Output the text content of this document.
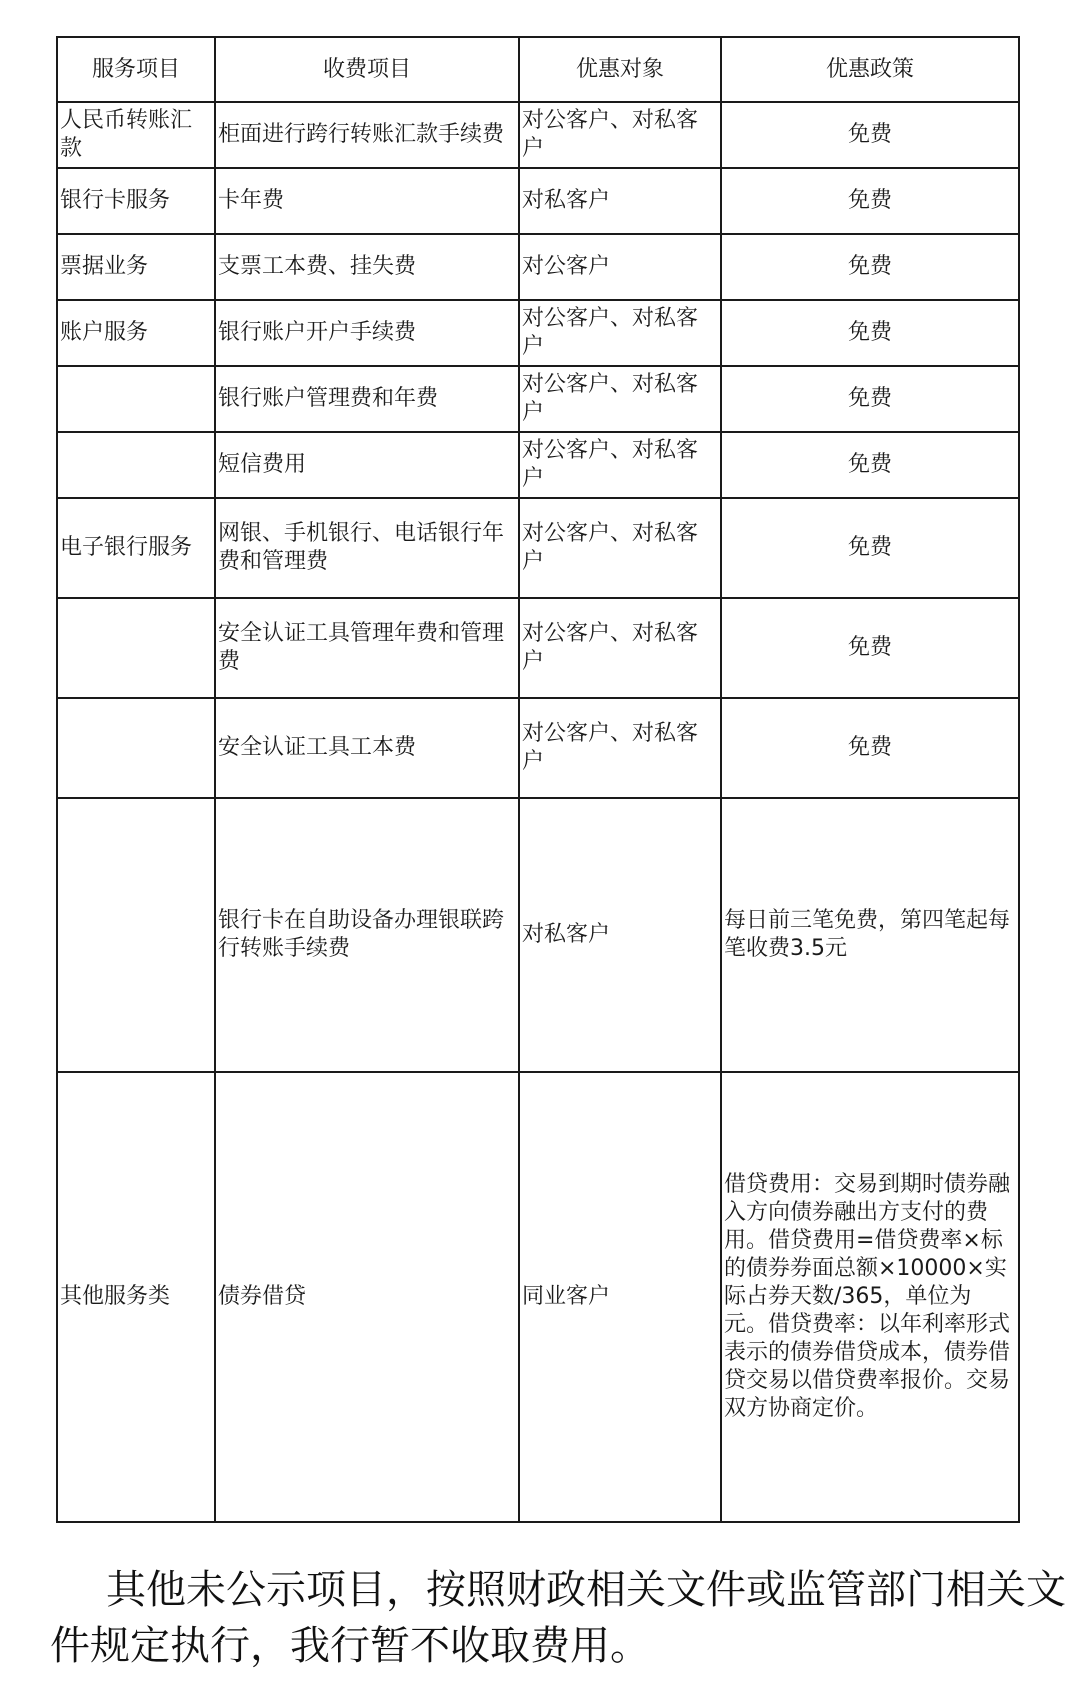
服务项目	收费项目	优惠对象	优惠政策
人民币转账汇款	柜面进行跨行转账汇款手续费	对公客户、对私客户	免费
银行卡服务	卡年费	对私客户	免费
票据业务	支票工本费、挂失费	对公客户	免费
账户服务	银行账户开户手续费	对公客户、对私客户	免费
	银行账户管理费和年费	对公客户、对私客户	免费
	短信费用	对公客户、对私客户	免费
电子银行服务	网银、手机银行、电话银行年费和管理费	对公客户、对私客户	免费
	安全认证工具管理年费和管理费	对公客户、对私客户	免费
	安全认证工具工本费	对公客户、对私客户	免费
	银行卡在自助设备办理银联跨行转账手续费	对私客户	每日前三笔免费，第四笔起每笔收费3.5元
其他服务类	债券借贷	同业客户	借贷费用：交易到期时债券融入方向债券融出方支付的费用。借贷费用=借贷费率×标的债券券面总额×10000×实际占券天数/365，单位为元。借贷费率：以年利率形式表示的债券借贷成本，债券借贷交易以借贷费率报价。交易双方协商定价。

其他未公示项目，按照财政相关文件或监管部门相关文件规定执行，我行暂不收取费用。
